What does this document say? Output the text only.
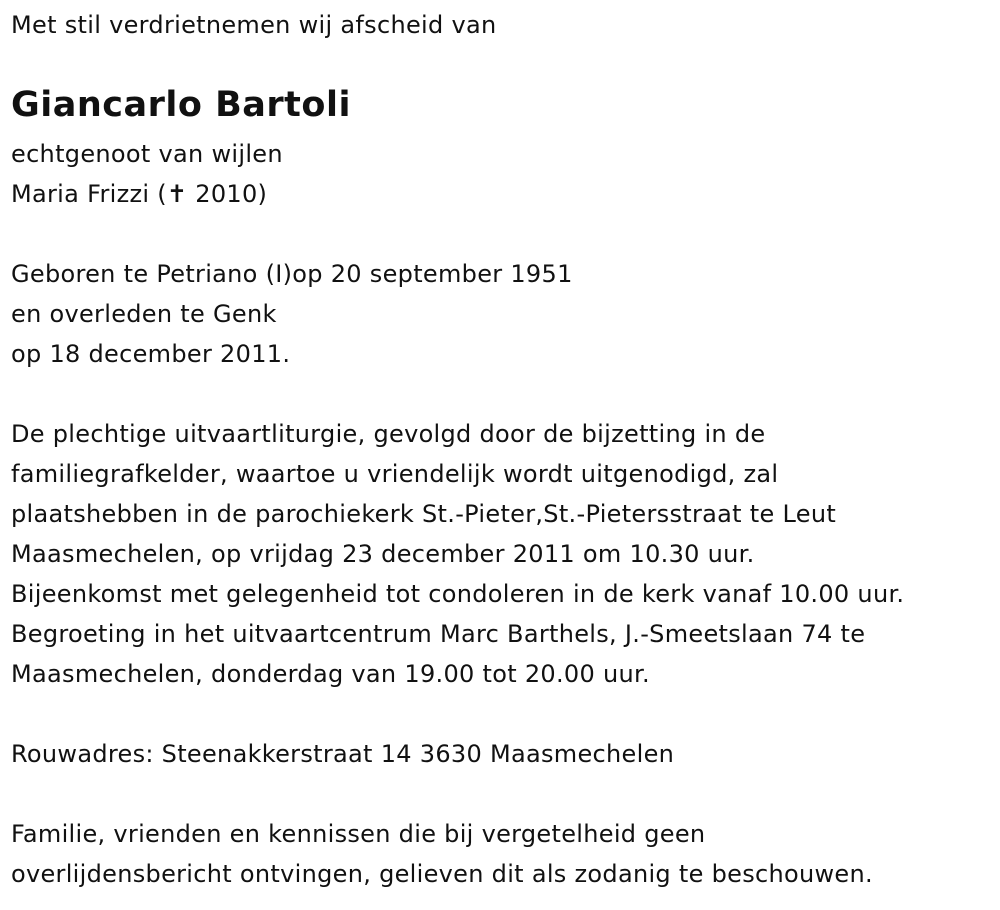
Met stil verdrietnemen wij afscheid van
Giancarlo Bartoli
echtgenoot van wijlen
Maria Frizzi (✝ 2010)
Geboren te Petriano (I)op 20 september 1951
en overleden te Genk
op 18 december 2011.
De plechtige uitvaartliturgie, gevolgd door de bijzetting in de
familiegrafkelder, waartoe u vriendelijk wordt uitgenodigd, zal
plaatshebben in de parochiekerk St.-Pieter,St.-Pietersstraat te Leut
Maasmechelen, op vrijdag 23 december 2011 om 10.30 uur.
Bijeenkomst met gelegenheid tot condoleren in de kerk vanaf 10.00 uur.
Begroeting in het uitvaartcentrum Marc Barthels, J.-Smeetslaan 74 te
Maasmechelen, donderdag van 19.00 tot 20.00 uur.
Rouwadres: Steenakkerstraat 14 3630 Maasmechelen
Familie, vrienden en kennissen die bij vergetelheid geen
overlijdensbericht ontvingen, gelieven dit als zodanig te beschouwen.
